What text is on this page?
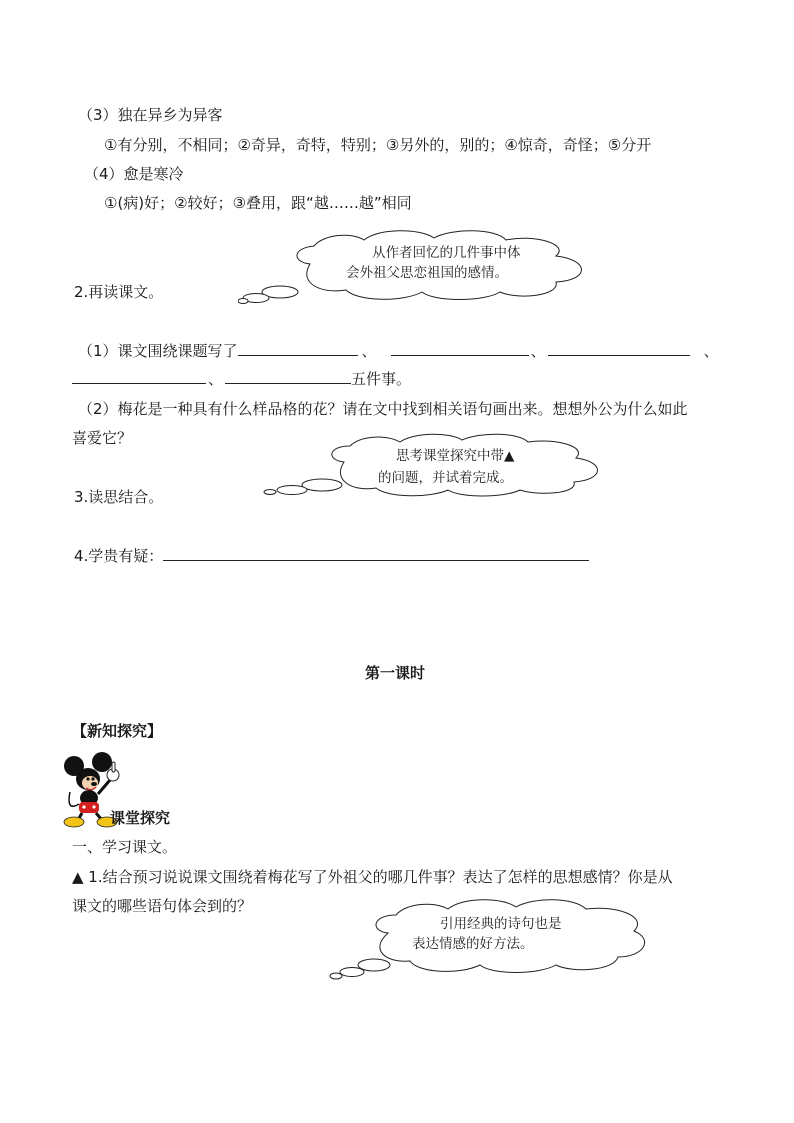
（3）独在异乡为异客
①有分别，不相同；②奇异，奇特，特别；③另外的，别的；④惊奇，奇怪；⑤分开
（4）愈是寒冷
①(病)好；②较好；③叠用，跟“越……越”相同
从作者回忆的几件事中体
会外祖父思恋祖国的感情。
2.再读课文。
（1）课文围绕课题写了	、	、	、
、	五件事。
（2）梅花是一种具有什么样品格的花？请在文中找到相关语句画出来。想想外公为什么如此
喜爱它？
思考课堂探究中带▲
的问题，并试着完成。
3.读思结合。
4.学贵有疑：
第一课时
【新知探究】
课堂探究
一、学习课文。
▲ 1.结合预习说说课文围绕着梅花写了外祖父的哪几件事？表达了怎样的思想感情？你是从
课文的哪些语句体会到的？
引用经典的诗句也是
表达情感的好方法。
